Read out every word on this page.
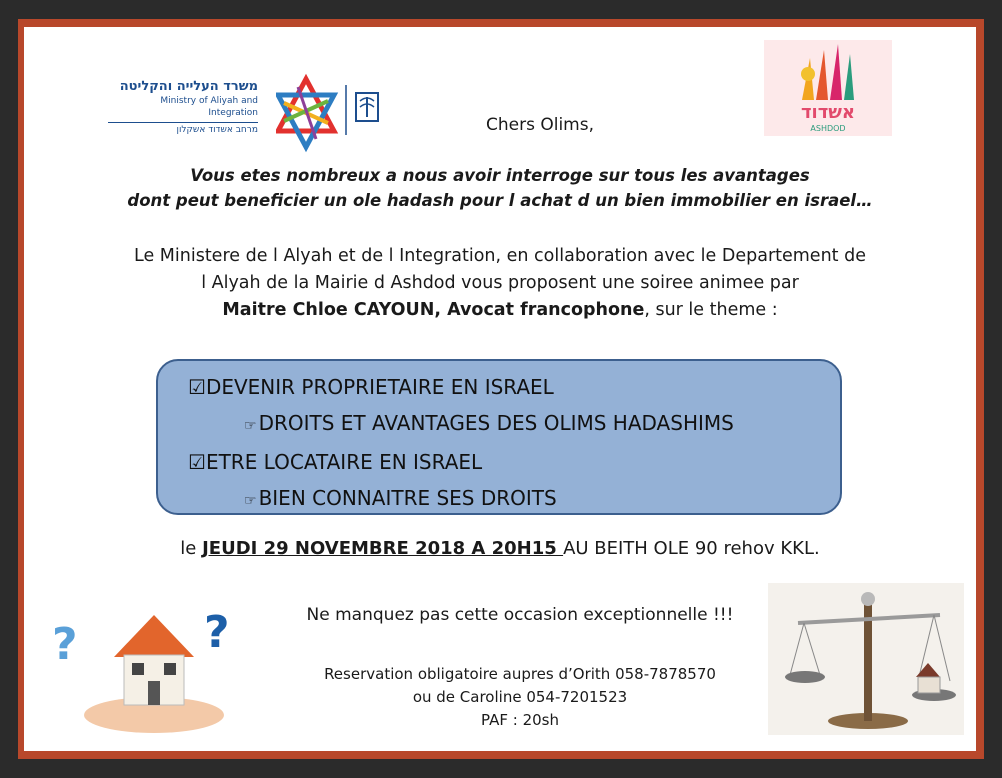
משרד העלייה והקליטה
Ministry of Aliyah and Integration
מרחב אשדוד אשקלון
אשדוד
ASHDOD
Chers Olims,
Vous etes nombreux a nous avoir interroge sur tous les avantages
dont peut beneficier un ole hadash pour l achat d un bien immobilier en israel…
Le Ministere de l Alyah et de l Integration, en collaboration avec le Departement de
l Alyah de la Mairie d Ashdod vous proposent une soiree animee par
Maitre Chloe CAYOUN, Avocat francophone, sur le theme :
☑DEVENIR PROPRIETAIRE EN ISRAEL
☞ DROITS ET AVANTAGES DES OLIMS HADASHIMS
☑ETRE LOCATAIRE EN ISRAEL
☞ BIEN CONNAITRE SES DROITS
le JEUDI 29 NOVEMBRE 2018 A 20H15 AU BEITH OLE 90 rehov KKL.
?	?	Ne manquez pas cette occasion exceptionnelle !!!
Reservation obligatoire aupres d’Orith 058-7878570
ou de Caroline 054-7201523
PAF : 20sh
